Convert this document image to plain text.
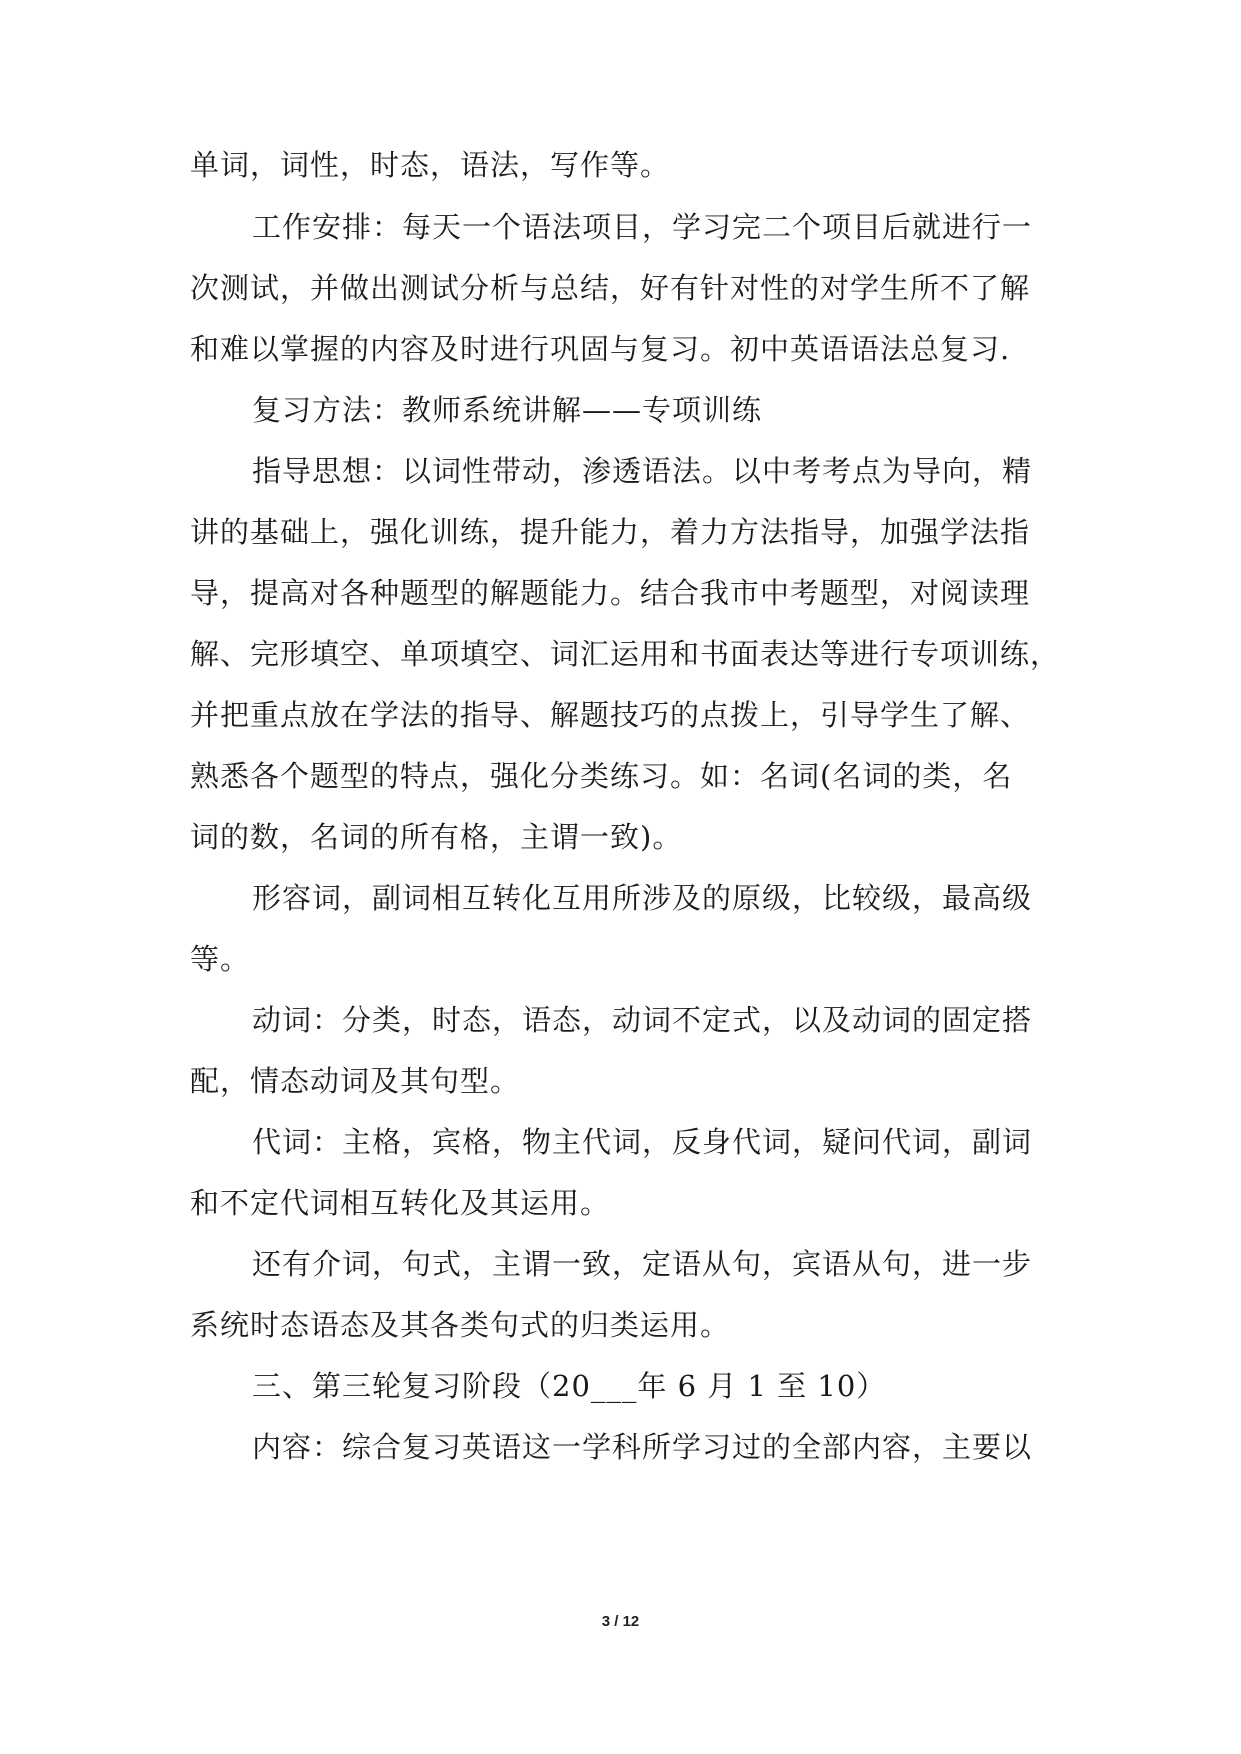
单词，词性，时态，语法，写作等。
工作安排：每天一个语法项目，学习完二个项目后就进行一
次测试，并做出测试分析与总结，好有针对性的对学生所不了解
和难以掌握的内容及时进行巩固与复习。初中英语语法总复习.
复习方法：教师系统讲解——专项训练
指导思想：以词性带动，渗透语法。以中考考点为导向，精
讲的基础上，强化训练，提升能力，着力方法指导，加强学法指
导，提高对各种题型的解题能力。结合我市中考题型，对阅读理
解、完形填空、单项填空、词汇运用和书面表达等进行专项训练，
并把重点放在学法的指导、解题技巧的点拨上，引导学生了解、
熟悉各个题型的特点，强化分类练习。如：名词(名词的类，名
词的数，名词的所有格，主谓一致)。
形容词，副词相互转化互用所涉及的原级，比较级，最高级
等。
动词：分类，时态，语态，动词不定式，以及动词的固定搭
配，情态动词及其句型。
代词：主格，宾格，物主代词，反身代词，疑问代词，副词
和不定代词相互转化及其运用。
还有介词，句式，主谓一致，定语从句，宾语从句，进一步
系统时态语态及其各类句式的归类运用。
三、第三轮复习阶段（20___年 6 月 1 至 10）
内容：综合复习英语这一学科所学习过的全部内容，主要以
3 / 12
